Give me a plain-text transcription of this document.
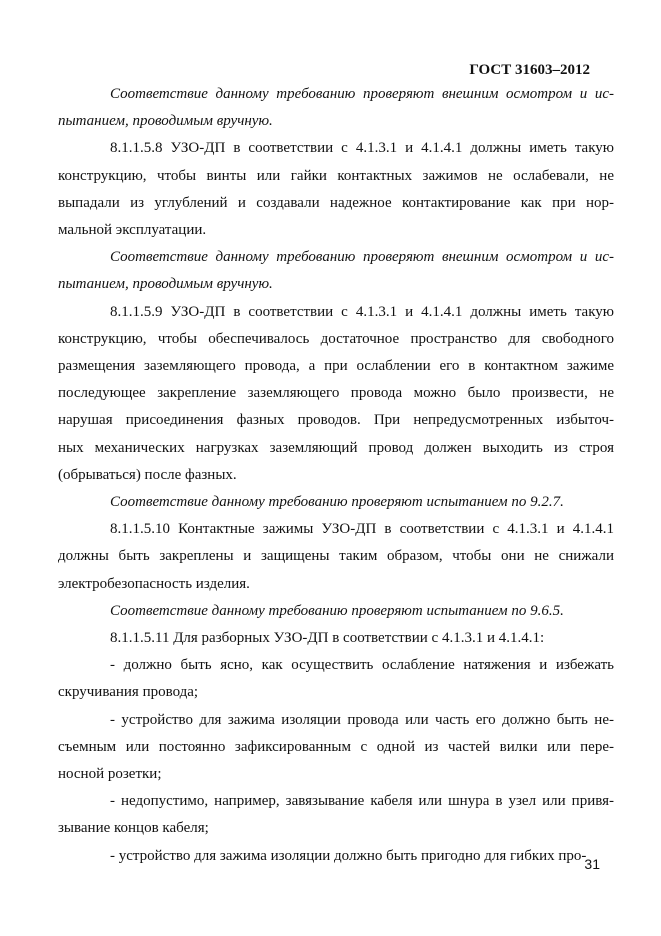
ГОСТ 31603–2012
Соответствие данному требованию проверяют внешним осмотром и ис-
пытанием, проводимым вручную.
8.1.1.5.8 УЗО-ДП в соответствии с 4.1.3.1 и 4.1.4.1 должны иметь такую
конструкцию, чтобы винты или гайки контактных зажимов не ослабевали, не
выпадали из углублений и создавали надежное контактирование как при нор-
мальной эксплуатации.
Соответствие данному требованию проверяют внешним осмотром и ис-
пытанием, проводимым вручную.
8.1.1.5.9 УЗО-ДП в соответствии с 4.1.3.1 и 4.1.4.1 должны иметь такую
конструкцию, чтобы обеспечивалось достаточное пространство для свободного
размещения заземляющего провода, а при ослаблении его в контактном зажиме
последующее закрепление заземляющего провода можно было произвести, не
нарушая присоединения фазных проводов. При непредусмотренных избыточ-
ных механических нагрузках заземляющий провод должен выходить из строя
(обрываться) после фазных.
Соответствие данному требованию проверяют испытанием по 9.2.7.
8.1.1.5.10 Контактные зажимы УЗО-ДП в соответствии с 4.1.3.1 и 4.1.4.1
должны быть закреплены и защищены таким образом, чтобы они не снижали
электробезопасность изделия.
Соответствие данному требованию проверяют испытанием по 9.6.5.
8.1.1.5.11 Для разборных УЗО-ДП в соответствии с 4.1.3.1 и 4.1.4.1:
- должно быть ясно, как осуществить ослабление натяжения и избежать
скручивания провода;
- устройство для зажима изоляции провода или часть его должно быть не-
съемным или постоянно зафиксированным с одной из частей вилки или пере-
носной розетки;
- недопустимо, например, завязывание кабеля или шнура в узел или привя-
зывание концов кабеля;
- устройство для зажима изоляции должно быть пригодно для гибких про-
31
